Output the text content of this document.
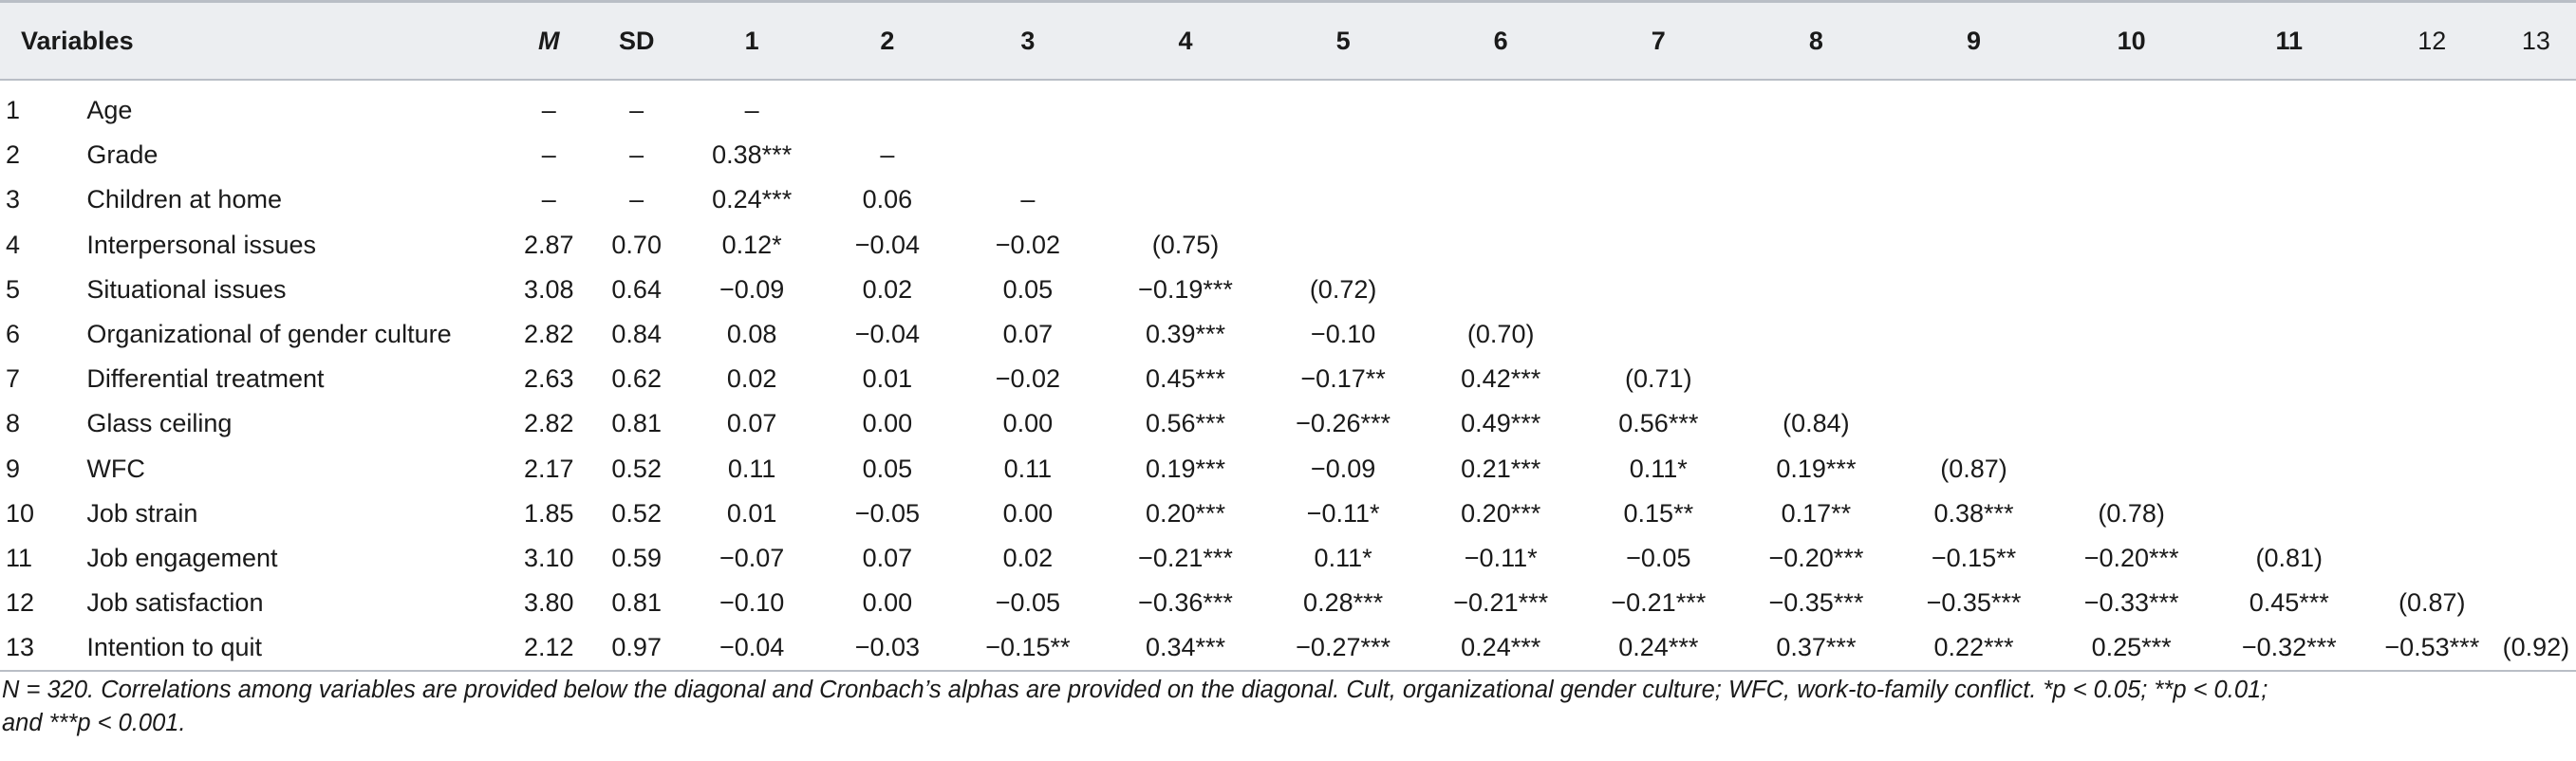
Variables		M	SD	1	2	3	4	5	6	7	8	9	10	11	12	13
1	Age	–	–	–												
2	Grade	–	–	0.38***	–											
3	Children at home	–	–	0.24***	0.06	–										
4	Interpersonal issues	2.87	0.70	0.12*	−0.04	−0.02	(0.75)									
5	Situational issues	3.08	0.64	−0.09	0.02	0.05	−0.19***	(0.72)								
6	Organizational of gender culture	2.82	0.84	0.08	−0.04	0.07	0.39***	−0.10	(0.70)							
7	Differential treatment	2.63	0.62	0.02	0.01	−0.02	0.45***	−0.17**	0.42***	(0.71)						
8	Glass ceiling	2.82	0.81	0.07	0.00	0.00	0.56***	−0.26***	0.49***	0.56***	(0.84)					
9	WFC	2.17	0.52	0.11	0.05	0.11	0.19***	−0.09	0.21***	0.11*	0.19***	(0.87)				
10	Job strain	1.85	0.52	0.01	−0.05	0.00	0.20***	−0.11*	0.20***	0.15**	0.17**	0.38***	(0.78)			
11	Job engagement	3.10	0.59	−0.07	0.07	0.02	−0.21***	0.11*	−0.11*	−0.05	−0.20***	−0.15**	−0.20***	(0.81)		
12	Job satisfaction	3.80	0.81	−0.10	0.00	−0.05	−0.36***	0.28***	−0.21***	−0.21***	−0.35***	−0.35***	−0.33***	0.45***	(0.87)	
13	Intention to quit	2.12	0.97	−0.04	−0.03	−0.15**	0.34***	−0.27***	0.24***	0.24***	0.37***	0.22***	0.25***	−0.32***	−0.53***	(0.92)
N = 320. Correlations among variables are provided below the diagonal and Cronbach’s alphas are provided on the diagonal. Cult, organizational gender culture; WFC, work-to-family conflict. *p < 0.05; **p < 0.01;
and ***p < 0.001.
